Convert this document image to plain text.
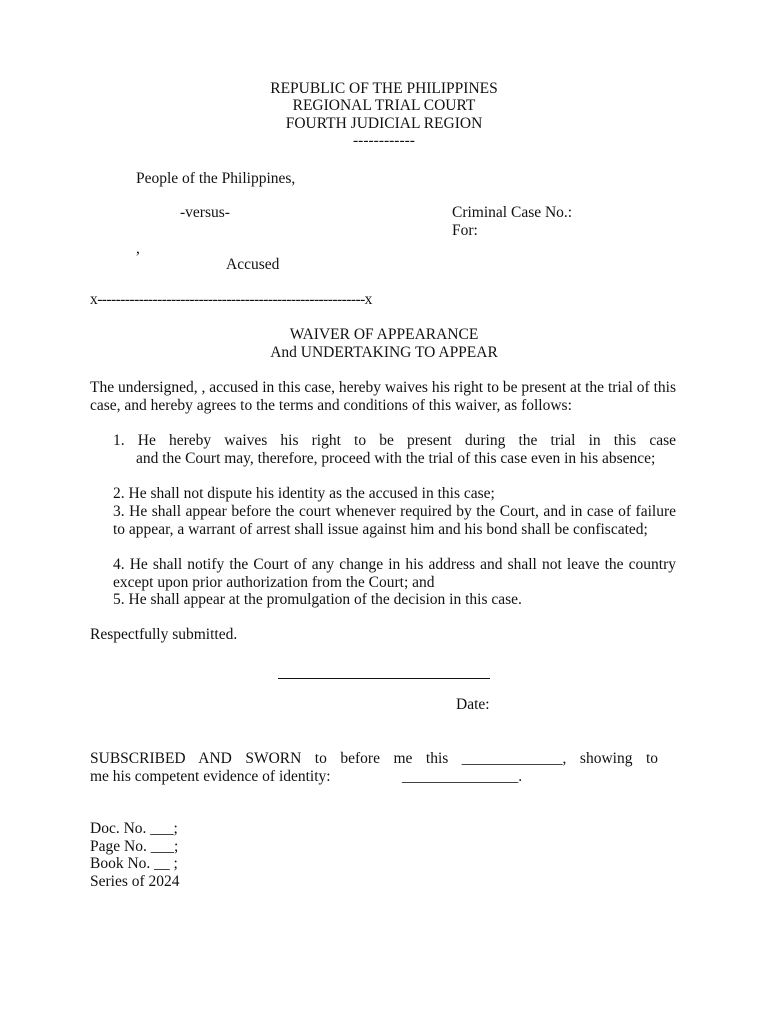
REPUBLIC OF THE PHILIPPINES
REGIONAL TRIAL COURT
FOURTH JUDICIAL REGION
------------
People of the Philippines,
-versus-	Criminal Case No.:
For:
,
Accused
x----------------------------------------------------------x
WAIVER OF APPEARANCE
And UNDERTAKING TO APPEAR
The undersigned, , accused in this case, hereby waives his right to be present at the trial of this case, and hereby agrees to the terms and conditions of this waiver, as follows:
1. He hereby waives his right to be present during the trial in this case
and the Court may, therefore, proceed with the trial of this case even in his absence;
2. He shall not dispute his identity as the accused in this case;
3. He shall appear before the court whenever required by the Court, and in case of failure to appear, a warrant of arrest shall issue against him and his bond shall be confiscated;
4. He shall notify the Court of any change in his address and shall not leave the country except upon prior authorization from the Court; and
5. He shall appear at the promulgation of the decision in this case.
Respectfully submitted.
Date:
SUBSCRIBED AND SWORN to before me this _____________, showing to
me his competent evidence of identity:	_______________.
Doc. No. ___;
Page No. ___;
Book No. __ ;
Series of 2024
